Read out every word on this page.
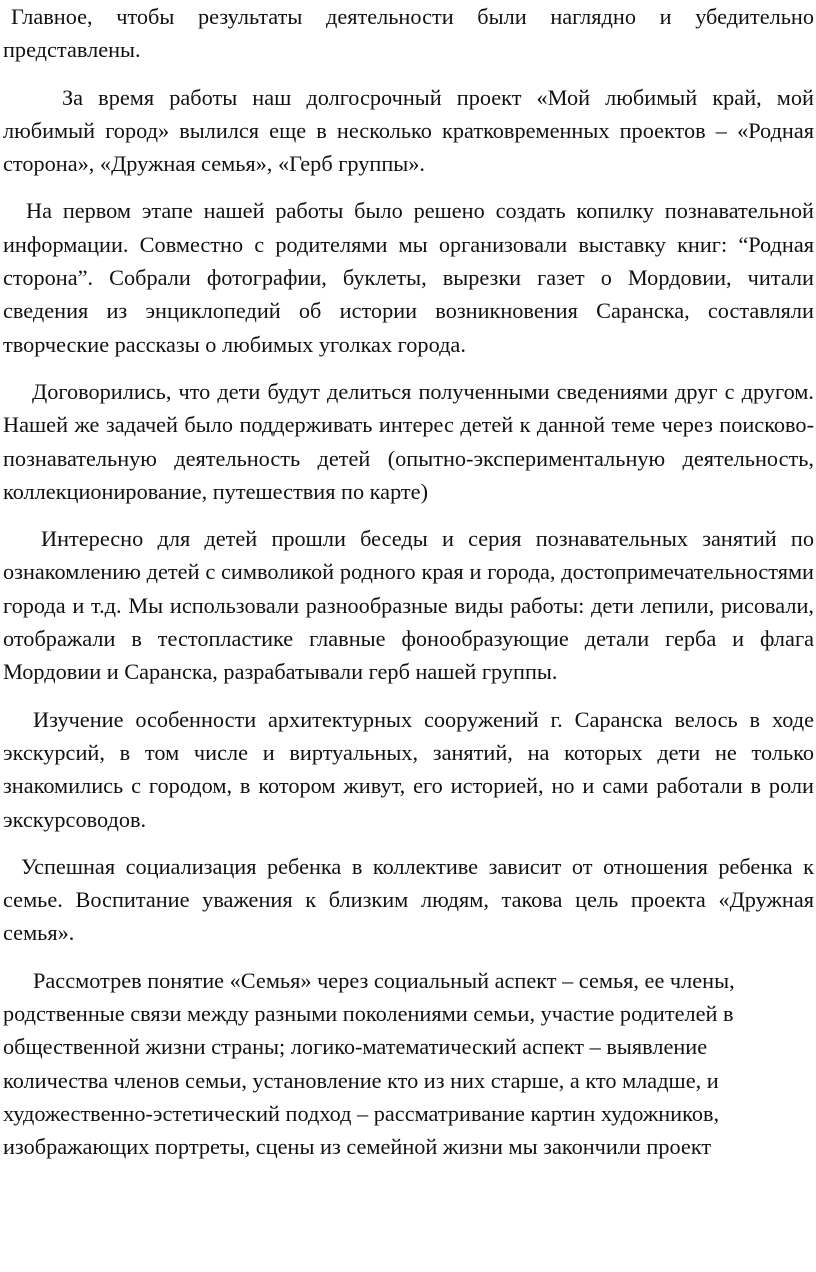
Главное, чтобы результаты деятельности были наглядно и убедительно представлены.

За время работы наш долгосрочный проект «Мой любимый край, мой любимый город» вылился еще в несколько кратковременных проектов – «Родная сторона», «Дружная семья», «Герб группы».

На первом этапе нашей работы было решено создать копилку познавательной информации. Совместно с родителями мы организовали выставку книг: “Родная сторона”. Собрали фотографии, буклеты, вырезки газет о Мордовии, читали сведения из энциклопедий об истории возникновения Саранска, составляли творческие рассказы о любимых уголках города.

Договорились, что дети будут делиться полученными сведениями друг с другом. Нашей же задачей было поддерживать интерес детей к данной теме через поисково-познавательную деятельность детей (опытно-экспериментальную деятельность, коллекционирование, путешествия по карте)

Интересно для детей прошли беседы и серия познавательных занятий по ознакомлению детей с символикой родного края и города, достопримечательностями города и т.д. Мы использовали разнообразные виды работы: дети лепили, рисовали, отображали в тестопластике главные фонообразующие детали герба и флага Мордовии и Саранска, разрабатывали герб нашей группы.

Изучение особенности архитектурных сооружений г. Саранска велось в ходе экскурсий, в том числе и виртуальных, занятий, на которых дети не только знакомились с городом, в котором живут, его историей, но и сами работали в роли экскурсоводов.

Успешная социализация ребенка в коллективе зависит от отношения ребенка к семье. Воспитание уважения к близким людям, такова цель проекта «Дружная семья».

Рассмотрев понятие «Семья» через социальный аспект – семья, ее члены, родственные связи между разными поколениями семьи, участие родителей в общественной жизни страны; логико-математический аспект – выявление количества членов семьи, установление кто из них старше, а кто младше, и художественно-эстетический подход – рассматривание картин художников, изображающих портреты, сцены из семейной жизни мы закончили проект
